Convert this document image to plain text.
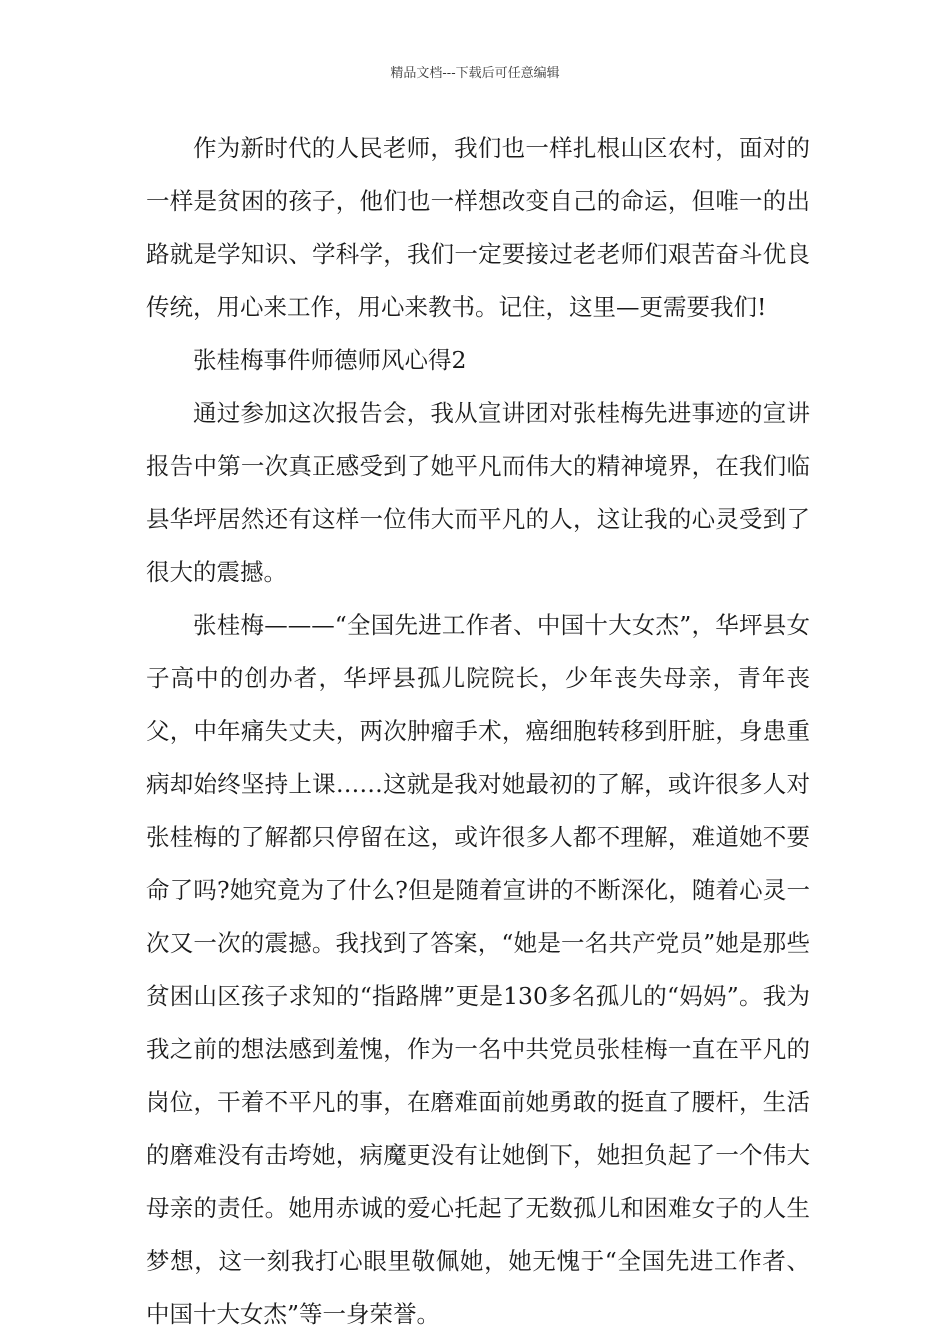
精品文档---下载后可任意编辑

作为新时代的人民老师，我们也一样扎根山区农村，面对的一样是贫困的孩子，他们也一样想改变自己的命运，但唯一的出路就是学知识、学科学，我们一定要接过老老师们艰苦奋斗优良传统，用心来工作，用心来教书。记住，这里—更需要我们!

张桂梅事件师德师风心得2

通过参加这次报告会，我从宣讲团对张桂梅先进事迹的宣讲报告中第一次真正感受到了她平凡而伟大的精神境界，在我们临县华坪居然还有这样一位伟大而平凡的人，这让我的心灵受到了很大的震撼。

张桂梅———“全国先进工作者、中国十大女杰”，华坪县女子高中的创办者，华坪县孤儿院院长，少年丧失母亲，青年丧父，中年痛失丈夫，两次肿瘤手术，癌细胞转移到肝脏，身患重病却始终坚持上课……这就是我对她最初的了解，或许很多人对张桂梅的了解都只停留在这，或许很多人都不理解，难道她不要命了吗?她究竟为了什么?但是随着宣讲的不断深化，随着心灵一次又一次的震撼。我找到了答案，“她是一名共产党员”她是那些贫困山区孩子求知的“指路牌”更是130多名孤儿的“妈妈”。我为我之前的想法感到羞愧，作为一名中共党员张桂梅一直在平凡的岗位，干着不平凡的事，在磨难面前她勇敢的挺直了腰杆，生活的磨难没有击垮她，病魔更没有让她倒下，她担负起了一个伟大母亲的责任。她用赤诚的爱心托起了无数孤儿和困难女子的人生梦想，这一刻我打心眼里敬佩她，她无愧于“全国先进工作者、中国十大女杰”等一身荣誉。
